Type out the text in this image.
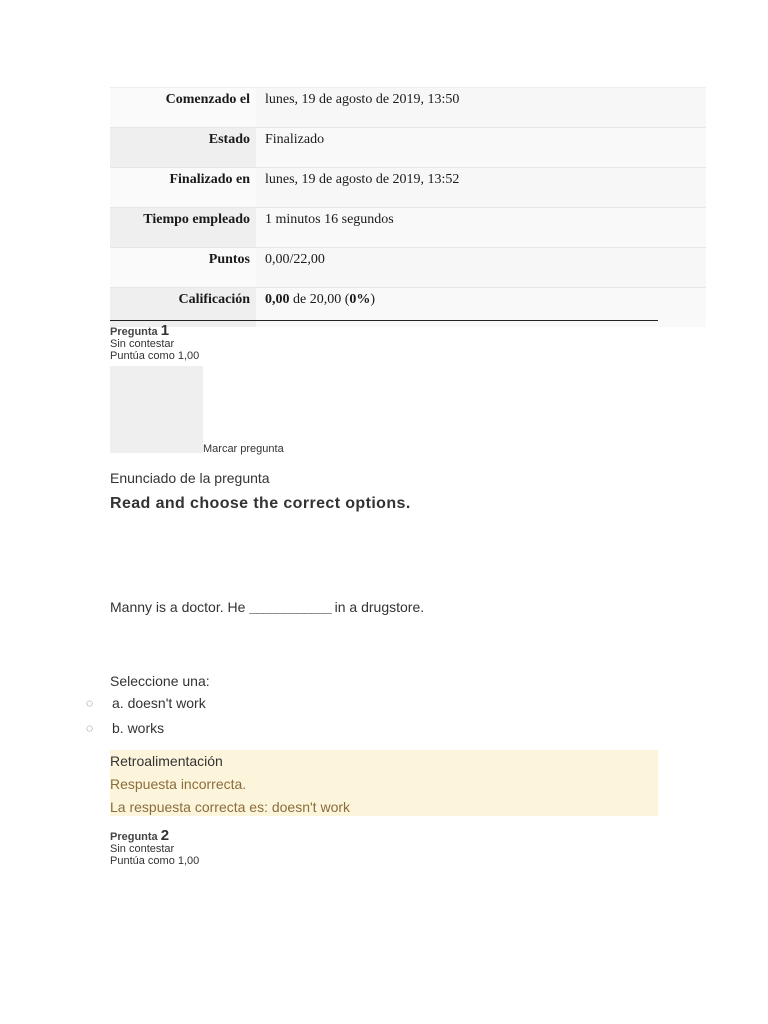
Comenzado el	lunes, 19 de agosto de 2019, 13:50
Estado	Finalizado
Finalizado en	lunes, 19 de agosto de 2019, 13:52
Tiempo empleado	1 minutos 16 segundos
Puntos	0,00/22,00
Calificación	0,00 de 20,00 (0%)
Pregunta 1
Sin contestar
Puntúa como 1,00
Marcar pregunta
Enunciado de la pregunta
Read and choose the correct options.
Manny is a doctor. He ____________ in a drugstore.
Seleccione una:
◌	a. doesn't work
◌	b. works
Retroalimentación
Respuesta incorrecta.
La respuesta correcta es: doesn't work
Pregunta 2
Sin contestar
Puntúa como 1,00
